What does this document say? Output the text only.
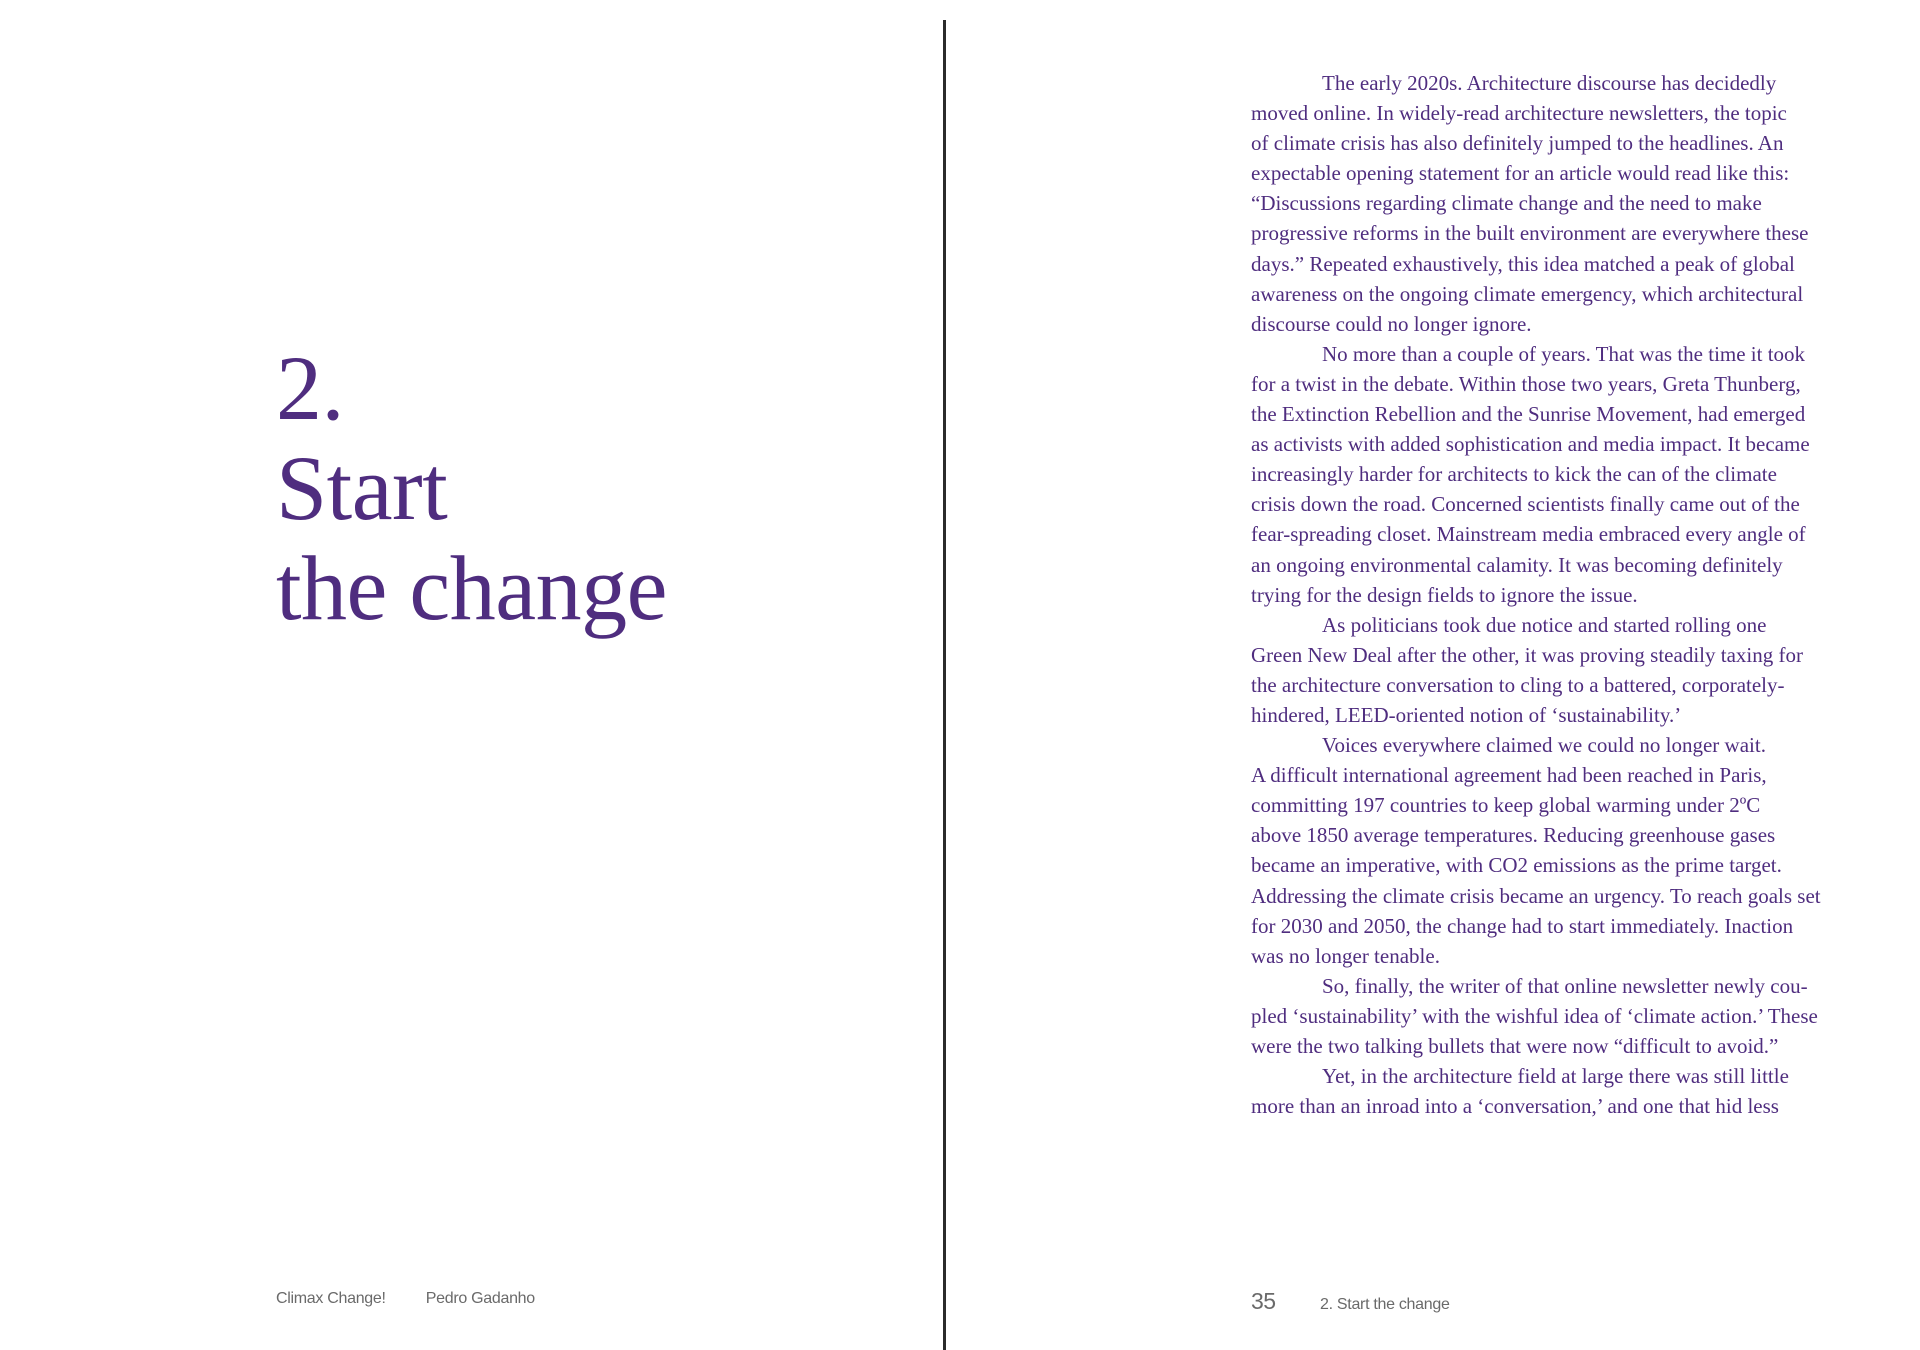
2.
Start
the change
Climax Change!	Pedro Gadanho
The early 2020s. Architecture discourse has decidedly
moved online. In widely-read architecture newsletters, the topic
of climate crisis has also definitely jumped to the headlines. An
expectable opening statement for an article would read like this:
“Discussions regarding climate change and the need to make
progressive reforms in the built environment are everywhere these
days.” Repeated exhaustively, this idea matched a peak of global
awareness on the ongoing climate emergency, which architectural
discourse could no longer ignore.
No more than a couple of years. That was the time it took
for a twist in the debate. Within those two years, Greta Thunberg,
the Extinction Rebellion and the Sunrise Movement, had emerged
as activists with added sophistication and media impact. It became
increasingly harder for architects to kick the can of the climate
crisis down the road. Concerned scientists finally came out of the
fear-spreading closet. Mainstream media embraced every angle of
an ongoing environmental calamity. It was becoming definitely
trying for the design fields to ignore the issue.
As politicians took due notice and started rolling one
Green New Deal after the other, it was proving steadily taxing for
the architecture conversation to cling to a battered, corporately-
hindered, LEED-oriented notion of ‘sustainability.’
Voices everywhere claimed we could no longer wait.
A difficult international agreement had been reached in Paris,
committing 197 countries to keep global warming under 2ºC
above 1850 average temperatures. Reducing greenhouse gases
became an imperative, with CO2 emissions as the prime target.
Addressing the climate crisis became an urgency. To reach goals set
for 2030 and 2050, the change had to start immediately. Inaction
was no longer tenable.
So, finally, the writer of that online newsletter newly cou-
pled ‘sustainability’ with the wishful idea of ‘climate action.’ These
were the two talking bullets that were now “difficult to avoid.”
Yet, in the architecture field at large there was still little
more than an inroad into a ‘conversation,’ and one that hid less
35	2. Start the change
